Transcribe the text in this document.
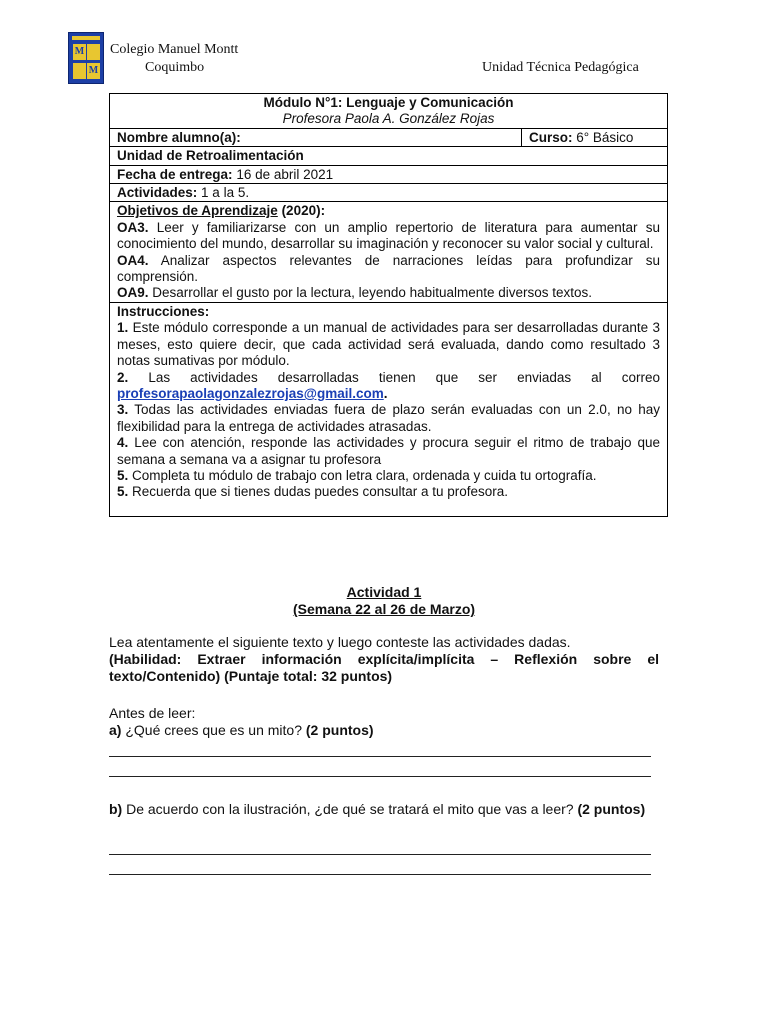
M
M
Colegio Manuel Montt
Coquimbo	Unidad Técnica Pedagógica
Módulo N°1: Lenguaje y Comunicación
Profesora Paola A. González Rojas

Nombre alumno(a):	Curso: 6° Básico
Unidad de Retroalimentación
Fecha de entrega: 16 de abril 2021
Actividades: 1 a la 5.

Objetivos de Aprendizaje (2020):
OA3. Leer y familiarizarse con un amplio repertorio de literatura para aumentar su conocimiento del mundo, desarrollar su imaginación y reconocer su valor social y cultural.
OA4. Analizar aspectos relevantes de narraciones leídas para profundizar su comprensión.
OA9. Desarrollar el gusto por la lectura, leyendo habitualmente diversos textos.

Instrucciones:
1. Este módulo corresponde a un manual de actividades para ser desarrolladas durante 3 meses, esto quiere decir, que cada actividad será evaluada, dando como resultado 3 notas sumativas por módulo.
2. Las actividades desarrolladas tienen que ser enviadas al correo profesorapaolagonzalezrojas@gmail.com.
3. Todas las actividades enviadas fuera de plazo serán evaluadas con un 2.0, no hay flexibilidad para la entrega de actividades atrasadas.
4. Lee con atención, responde las actividades y procura seguir el ritmo de trabajo que semana a semana va a asignar tu profesora
5. Completa tu módulo de trabajo con letra clara, ordenada y cuida tu ortografía.
5. Recuerda que si tienes dudas puedes consultar a tu profesora.
Actividad 1
(Semana 22 al 26 de Marzo)
Lea atentamente el siguiente texto y luego conteste las actividades dadas.
(Habilidad: Extraer información explícita/implícita – Reflexión sobre el texto/Contenido) (Puntaje total: 32 puntos)
Antes de leer:
a) ¿Qué crees que es un mito? (2 puntos)
b) De acuerdo con la ilustración, ¿de qué se tratará el mito que vas a leer? (2 puntos)
